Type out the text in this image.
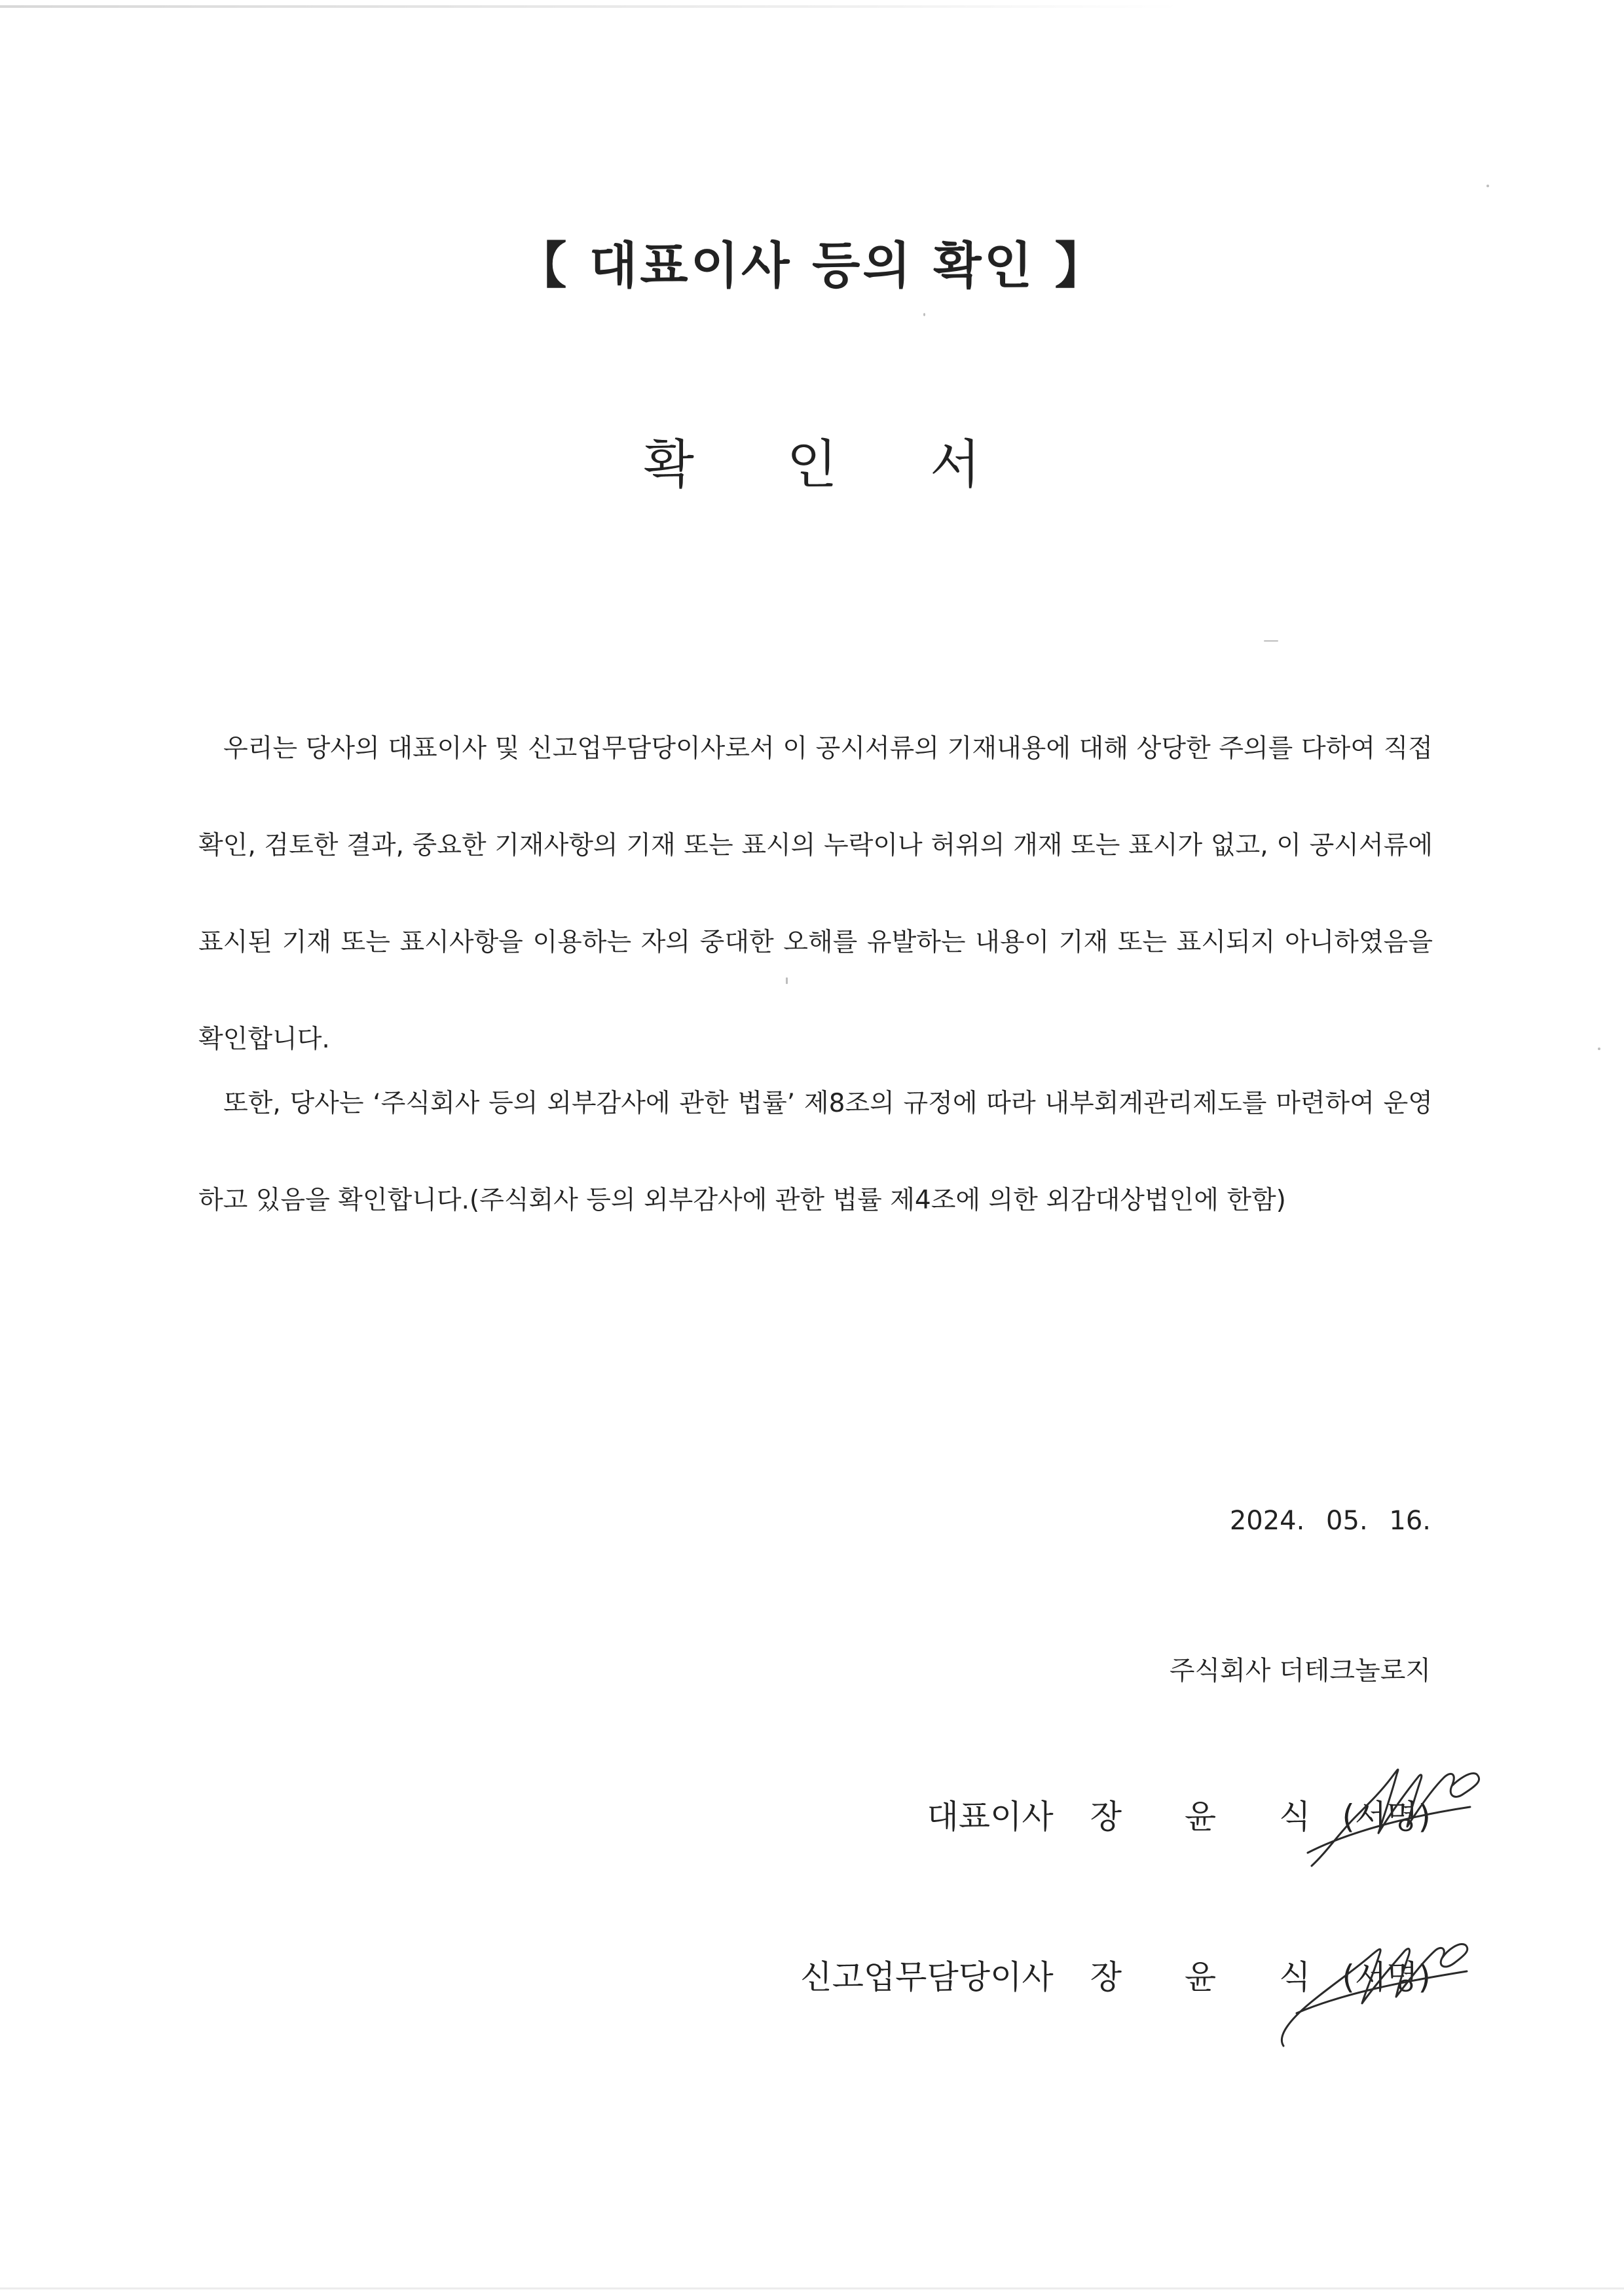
【 대표이사 등의 확인 】
확 인 서

우리는 당사의 대표이사 및 신고업무담당이사로서 이 공시서류의 기재내용에 대해 상당한 주의를 다하여 직접 확인, 검토한 결과, 중요한 기재사항의 기재 또는 표시의 누락이나 허위의 개재 또는 표시가 없고, 이 공시서류에 표시된 기재 또는 표시사항을 이용하는 자의 중대한 오해를 유발하는 내용이 기재 또는 표시되지 아니하였음을 확인합니다.

또한, 당사는 ‘주식회사 등의 외부감사에 관한 법률’ 제8조의 규정에 따라 내부회계관리제도를 마련하여 운영하고 있음을 확인합니다.(주식회사 등의 외부감사에 관한 법률 제4조에 의한 외감대상법인에 한함)

2024. 05. 16.
주식회사 더테크놀로지
대표이사 장 윤 식 (서명)
신고업무담당이사 장 윤 식 (서명)
